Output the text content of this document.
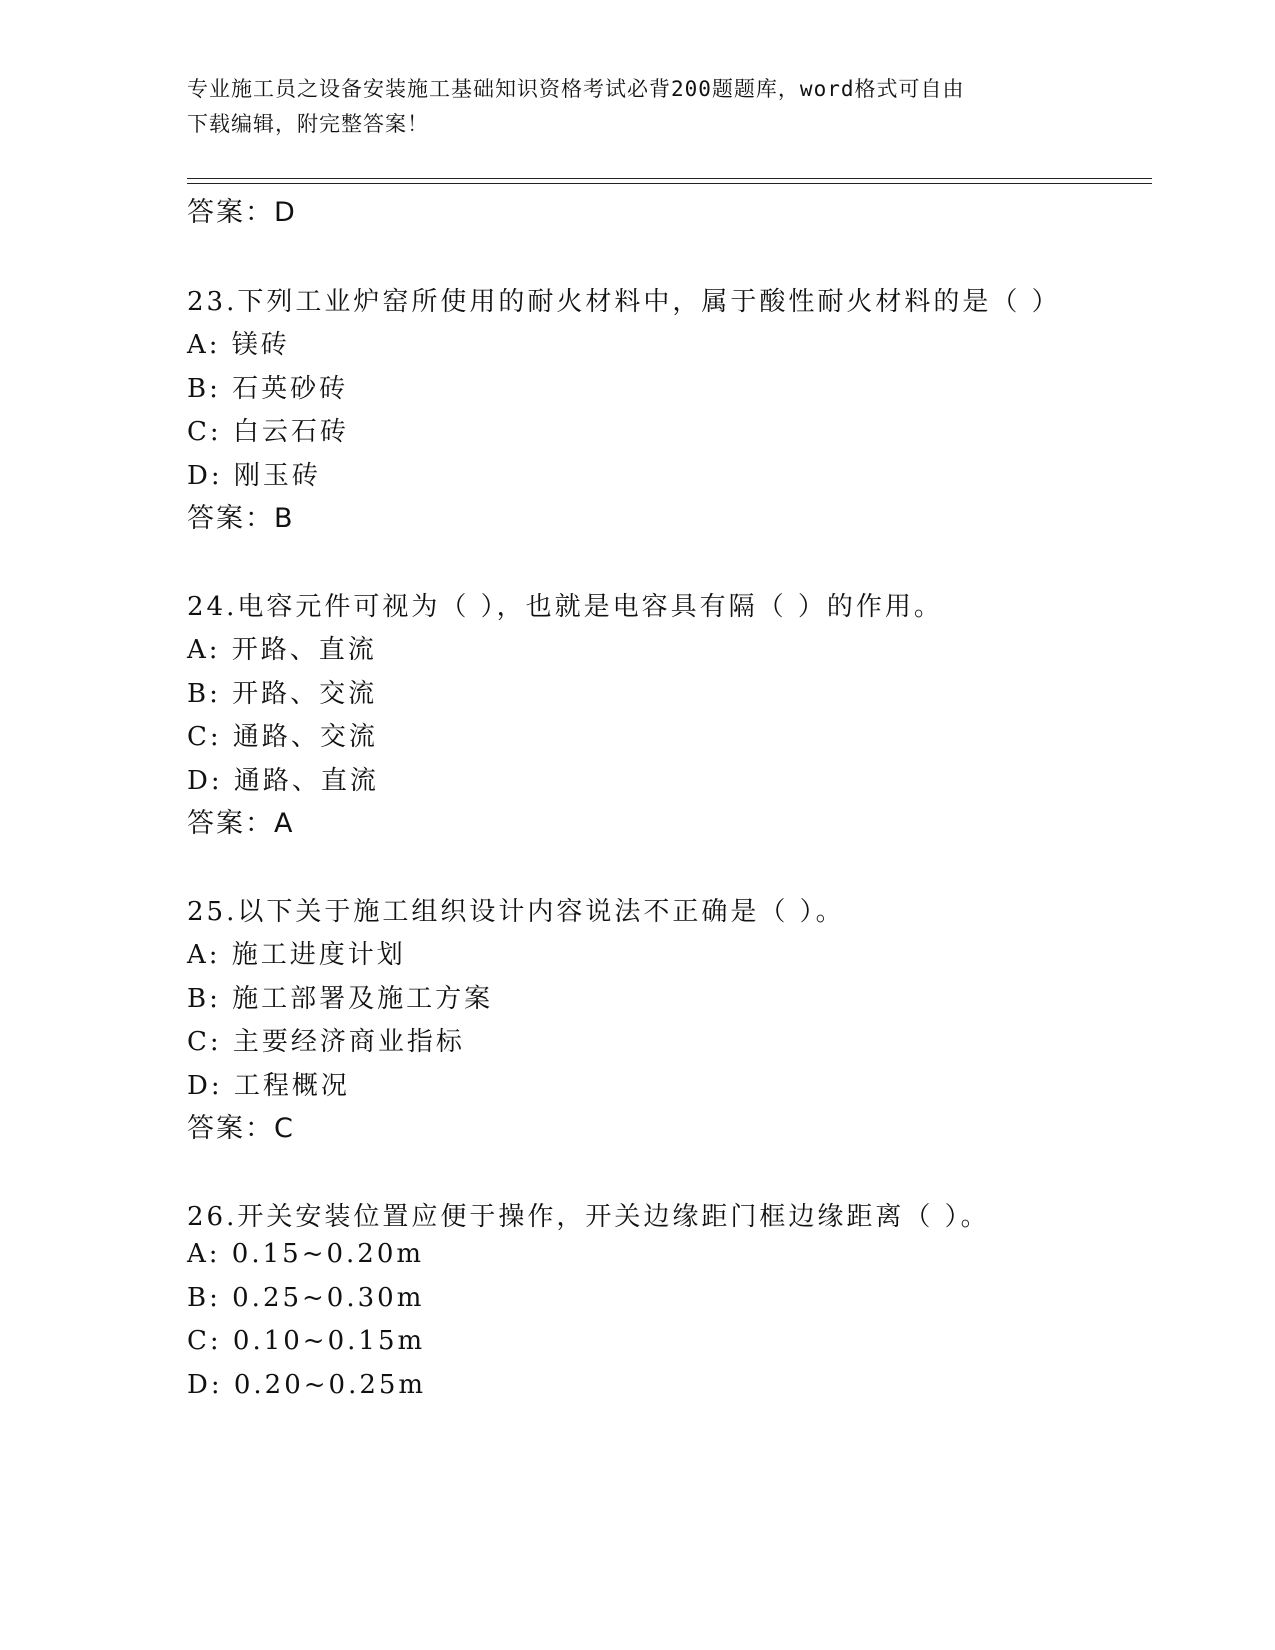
专业施工员之设备安装施工基础知识资格考试必背200题题库，word格式可自由
下载编辑，附完整答案！
答案：D
23.下列工业炉窑所使用的耐火材料中，属于酸性耐火材料的是（ ）
A: 镁砖
B: 石英砂砖
C: 白云石砖
D: 刚玉砖
答案：B
24.电容元件可视为（ ），也就是电容具有隔（ ）的作用。
A: 开路、直流
B: 开路、交流
C: 通路、交流
D: 通路、直流
答案：A
25.以下关于施工组织设计内容说法不正确是（ ）。
A: 施工进度计划
B: 施工部署及施工方案
C: 主要经济商业指标
D: 工程概况
答案：C
26.开关安装位置应便于操作，开关边缘距门框边缘距离（ ）。
A: 0.15~0.20m
B: 0.25~0.30m
C: 0.10~0.15m
D: 0.20~0.25m
